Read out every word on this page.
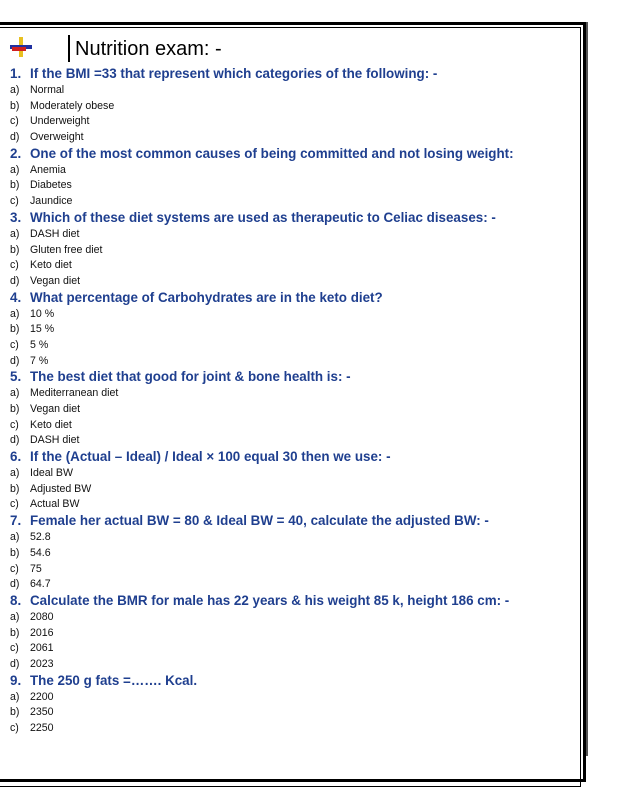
Nutrition exam: -
1. If the BMI =33 that represent which categories of the following: -
a) Normal
b) Moderately obese
c) Underweight
d) Overweight
2. One of the most common causes of being committed and not losing weight:
a) Anemia
b) Diabetes
c) Jaundice
3. Which of these diet systems are used as therapeutic to Celiac diseases: -
a) DASH diet
b) Gluten free diet
c) Keto diet
d) Vegan diet
4. What percentage of Carbohydrates are in the keto diet?
a) 10 %
b) 15 %
c) 5 %
d) 7 %
5. The best diet that good for joint & bone health is: -
a) Mediterranean diet
b) Vegan diet
c) Keto diet
d) DASH diet
6. If the (Actual – Ideal) / Ideal × 100 equal 30 then we use: -
a) Ideal BW
b) Adjusted BW
c) Actual BW
7. Female her actual BW = 80 & Ideal BW = 40, calculate the adjusted BW: -
a) 52.8
b) 54.6
c) 75
d) 64.7
8. Calculate the BMR for male has 22 years & his weight 85 k, height 186 cm: -
a) 2080
b) 2016
c) 2061
d) 2023
9. The 250 g fats =……. Kcal.
a) 2200
b) 2350
c) 2250
